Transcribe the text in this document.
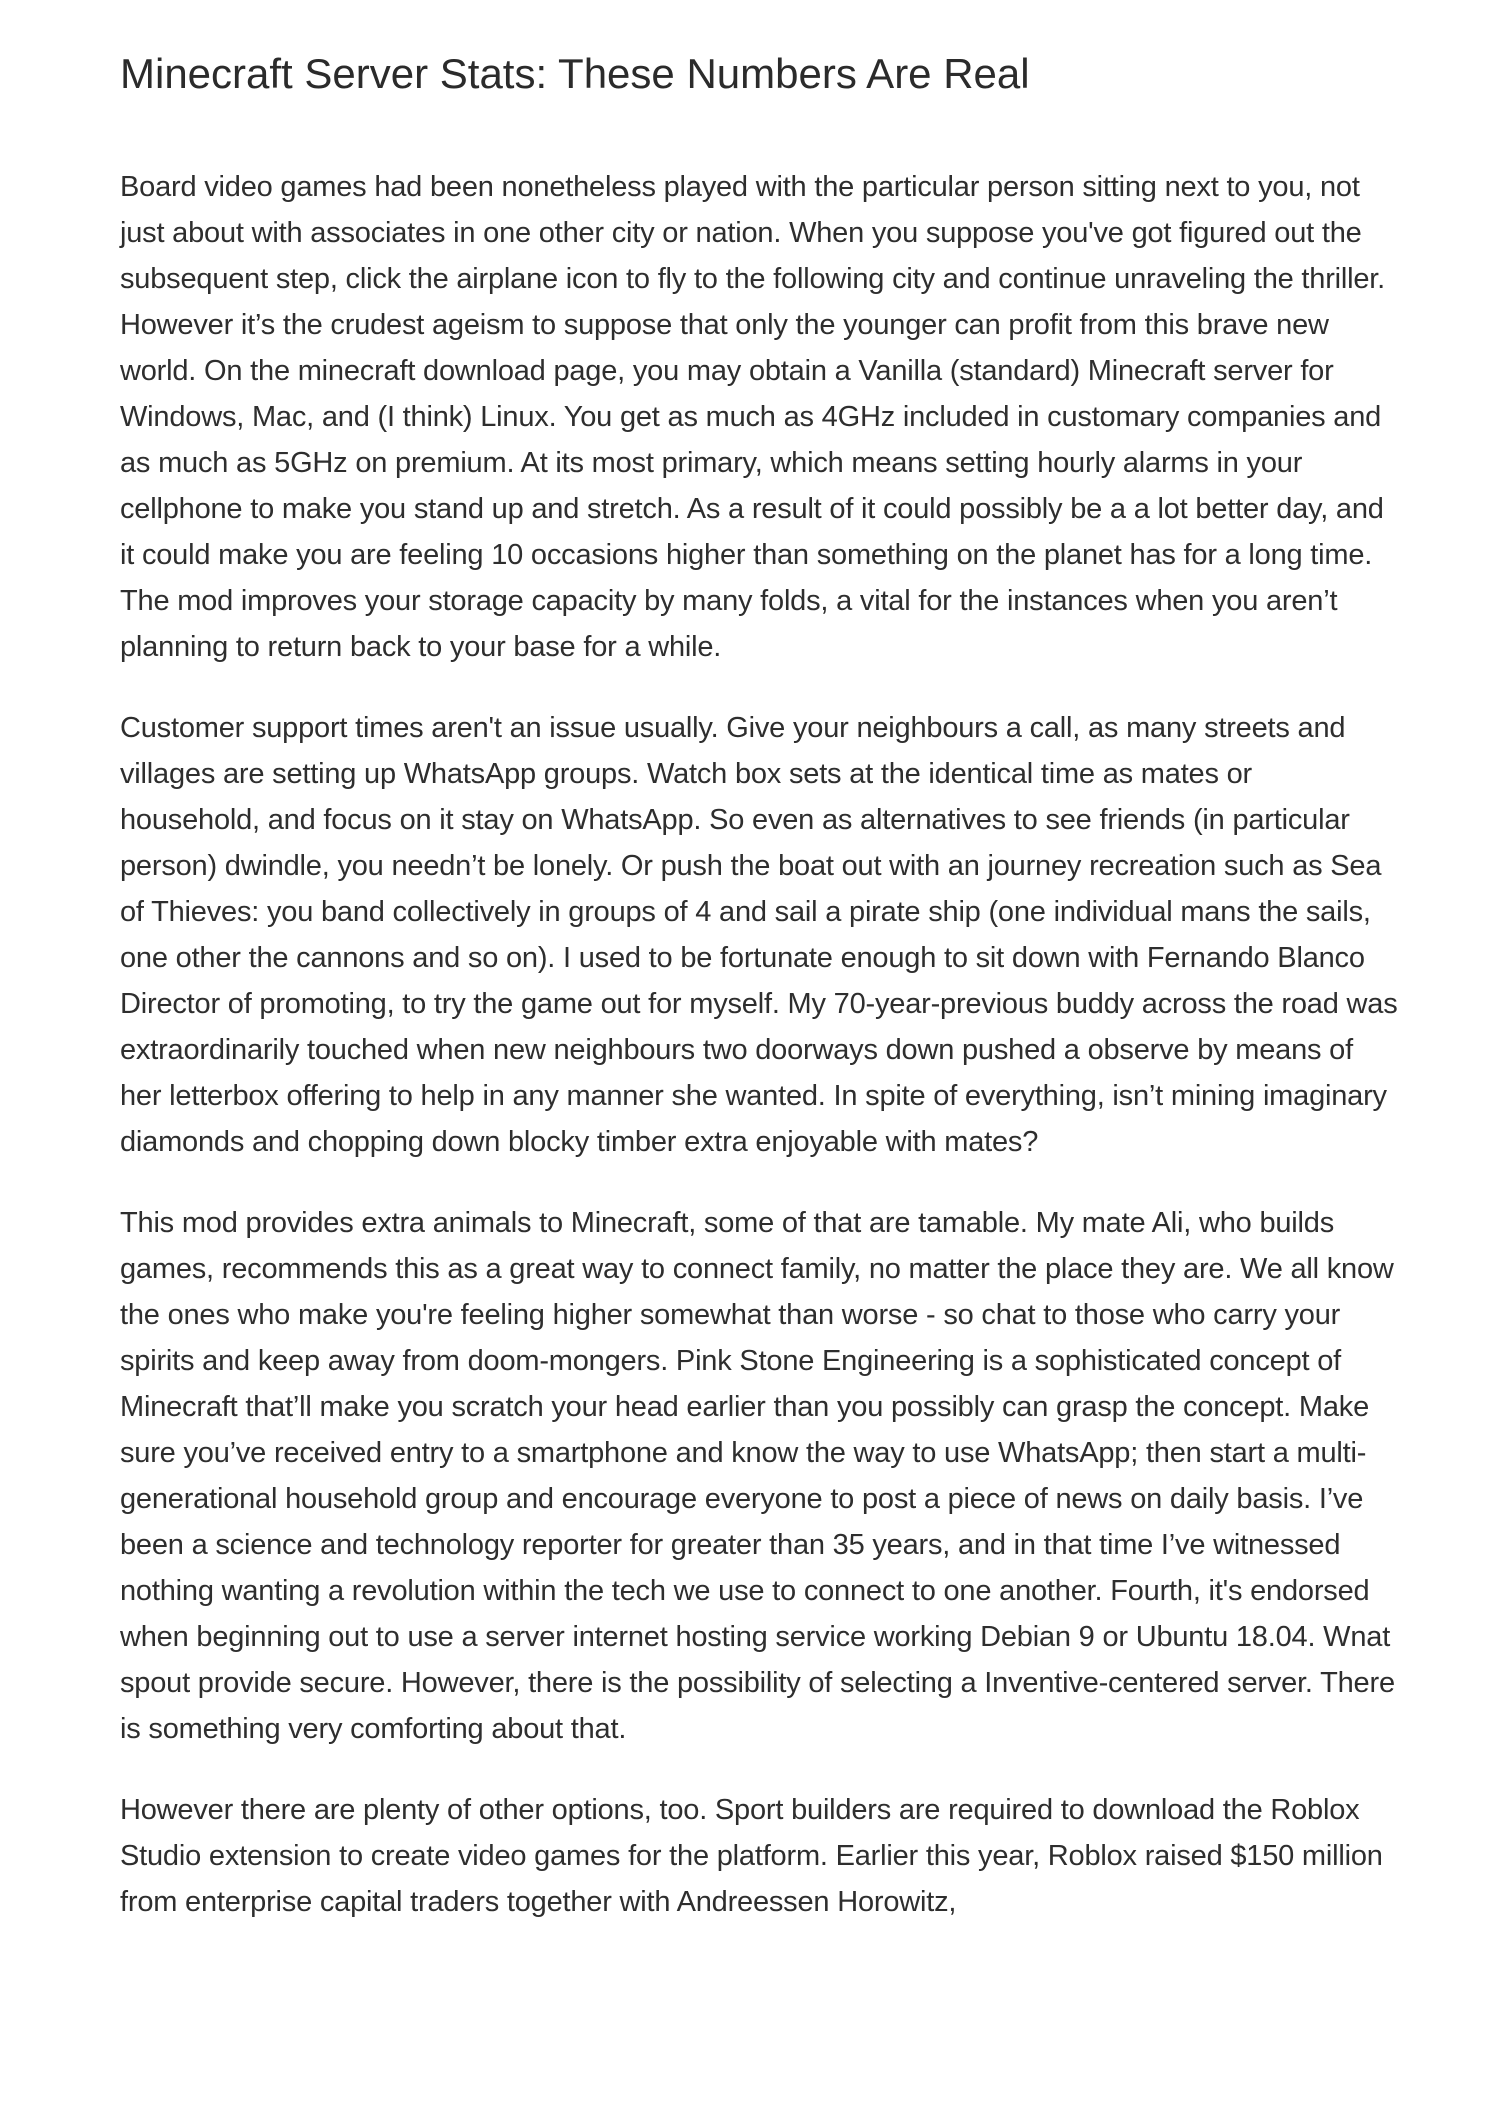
Minecraft Server Stats: These Numbers Are Real

Board video games had been nonetheless played with the particular person sitting next to you, not just about with associates in one other city or nation. When you suppose you've got figured out the subsequent step, click the airplane icon to fly to the following city and continue unraveling the thriller. However it’s the crudest ageism to suppose that only the younger can profit from this brave new world. On the minecraft download page, you may obtain a Vanilla (standard) Minecraft server for Windows, Mac, and (I think) Linux. You get as much as 4GHz included in customary companies and as much as 5GHz on premium. At its most primary, which means setting hourly alarms in your cellphone to make you stand up and stretch. As a result of it could possibly be a a lot better day, and it could make you are feeling 10 occasions higher than something on the planet has for a long time. The mod improves your storage capacity by many folds, a vital for the instances when you aren’t planning to return back to your base for a while.

Customer support times aren't an issue usually. Give your neighbours a call, as many streets and villages are setting up WhatsApp groups. Watch box sets at the identical time as mates or household, and focus on it stay on WhatsApp. So even as alternatives to see friends (in particular person) dwindle, you needn’t be lonely. Or push the boat out with an journey recreation such as Sea of Thieves: you band collectively in groups of 4 and sail a pirate ship (one individual mans the sails, one other the cannons and so on). I used to be fortunate enough to sit down with Fernando Blanco Director of promoting, to try the game out for myself. My 70-year-previous buddy across the road was extraordinarily touched when new neighbours two doorways down pushed a observe by means of her letterbox offering to help in any manner she wanted. In spite of everything, isn’t mining imaginary diamonds and chopping down blocky timber extra enjoyable with mates?

This mod provides extra animals to Minecraft, some of that are tamable. My mate Ali, who builds games, recommends this as a great way to connect family, no matter the place they are. We all know the ones who make you're feeling higher somewhat than worse - so chat to those who carry your spirits and keep away from doom-mongers. Pink Stone Engineering is a sophisticated concept of Minecraft that’ll make you scratch your head earlier than you possibly can grasp the concept. Make sure you’ve received entry to a smartphone and know the way to use WhatsApp; then start a multi-generational household group and encourage everyone to post a piece of news on daily basis. I’ve been a science and technology reporter for greater than 35 years, and in that time I’ve witnessed nothing wanting a revolution within the tech we use to connect to one another. Fourth, it's endorsed when beginning out to use a server internet hosting service working Debian 9 or Ubuntu 18.04. Wnat spout provide secure. However, there is the possibility of selecting a Inventive-centered server. There is something very comforting about that.

However there are plenty of other options, too. Sport builders are required to download the Roblox Studio extension to create video games for the platform. Earlier this year, Roblox raised $150 million from enterprise capital traders together with Andreessen Horowitz,
